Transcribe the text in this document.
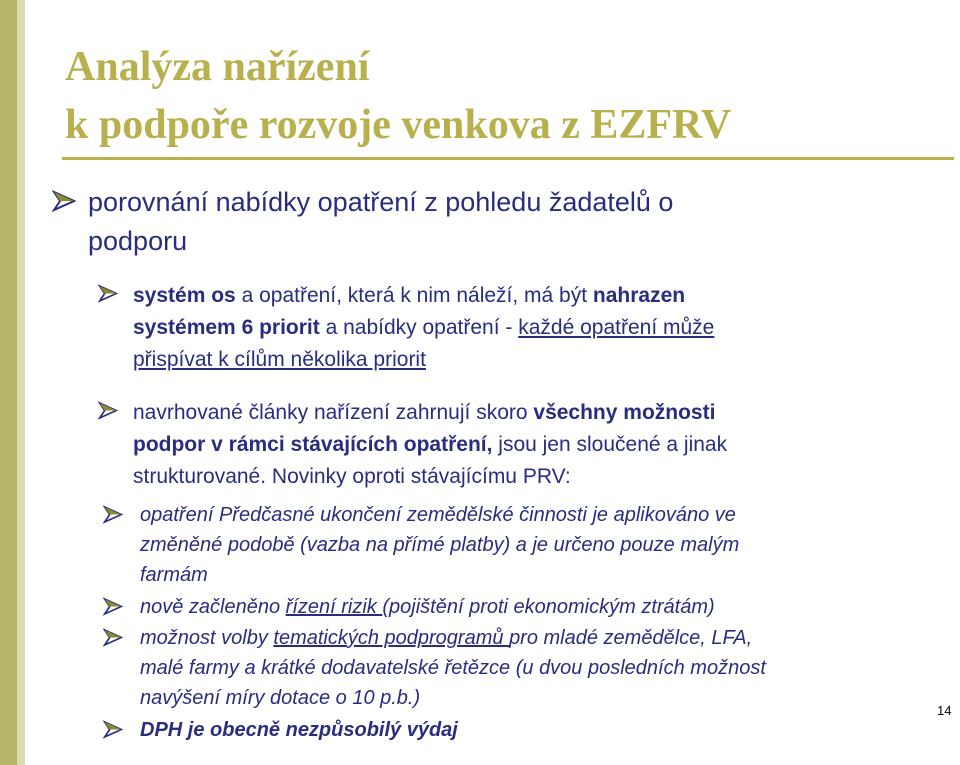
Analýza nařízení
k podpoře rozvoje venkova z EZFRV
porovnání nabídky opatření z pohledu žadatelů o
podporu
systém os a opatření, která k nim náleží, má být nahrazen
systémem 6 priorit a nabídky opatření - každé opatření může
přispívat k cílům několika priorit
navrhované články nařízení zahrnují skoro všechny možnosti
podpor v rámci stávajících opatření, jsou jen sloučené a jinak
strukturované. Novinky oproti stávajícímu PRV:
opatření Předčasné ukončení zemědělské činnosti je aplikováno ve
změněné podobě (vazba na přímé platby) a je určeno pouze malým
farmám
nově začleněno řízení rizik (pojištění proti ekonomickým ztrátám)
možnost volby tematických podprogramů pro mladé zemědělce, LFA,
malé farmy a krátké dodavatelské řetězce (u dvou posledních možnost
navýšení míry dotace o 10 p.b.)
DPH je obecně nezpůsobilý výdaj
14
